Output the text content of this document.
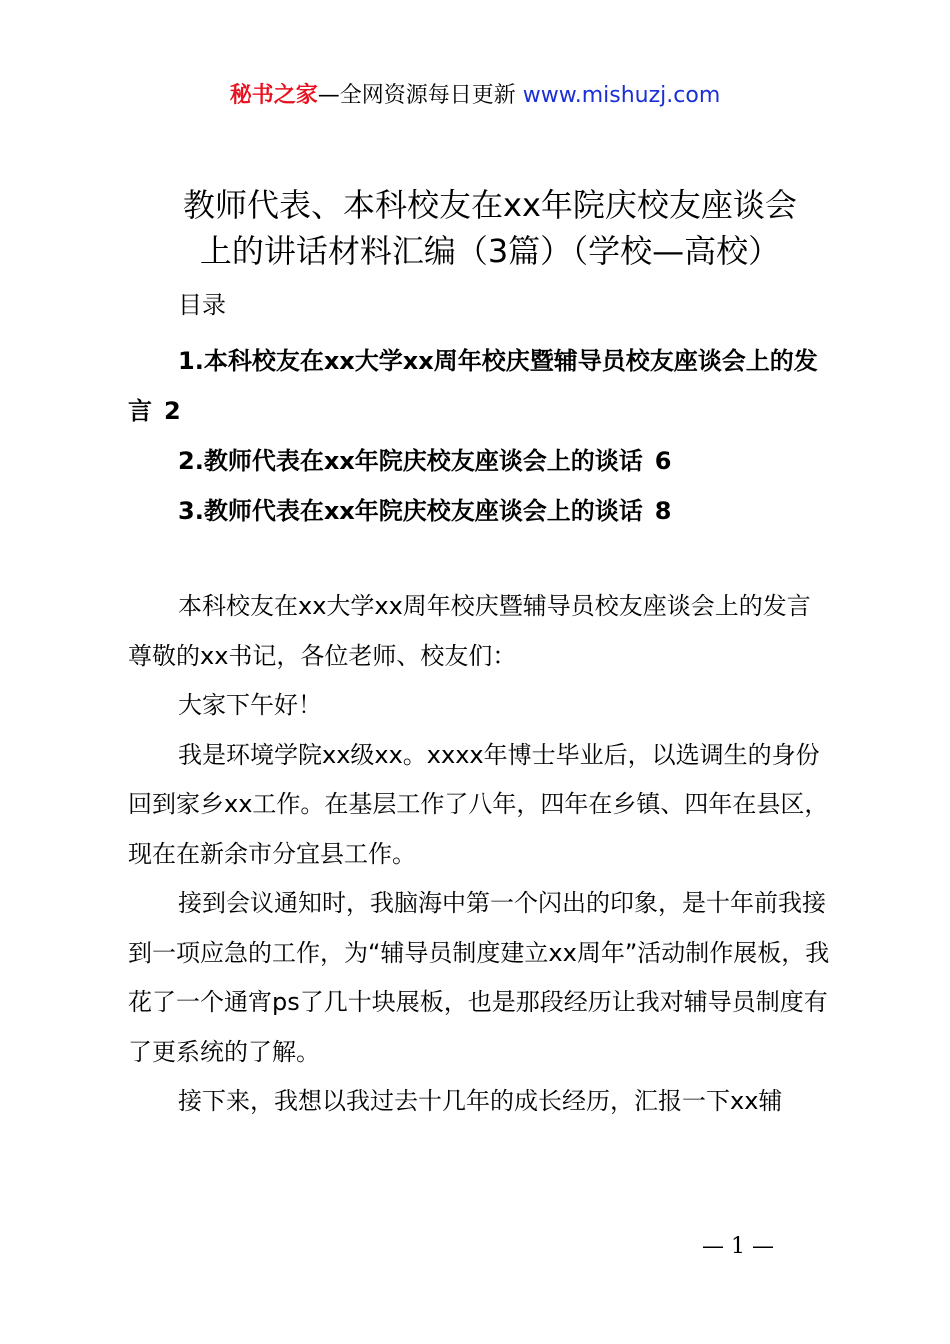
秘书之家—全网资源每日更新 www.mishuzj.com
教师代表、本科校友在xx年院庆校友座谈会
上的讲话材料汇编（3篇）（学校—高校）
目录
1.本科校友在xx大学xx周年校庆暨辅导员校友座谈会上的发言 2
2.教师代表在xx年院庆校友座谈会上的谈话 6
3.教师代表在xx年院庆校友座谈会上的谈话 8

本科校友在xx大学xx周年校庆暨辅导员校友座谈会上的发言

尊敬的xx书记，各位老师、校友们：

大家下午好！

我是环境学院xx级xx。xxxx年博士毕业后，以选调生的身份回到家乡xx工作。在基层工作了八年，四年在乡镇、四年在县区，现在在新余市分宜县工作。

接到会议通知时，我脑海中第一个闪出的印象，是十年前我接到一项应急的工作，为“辅导员制度建立xx周年”活动制作展板，我花了一个通宵ps了几十块展板，也是那段经历让我对辅导员制度有了更系统的了解。

接下来，我想以我过去十几年的成长经历，汇报一下xx辅

— 1 —
